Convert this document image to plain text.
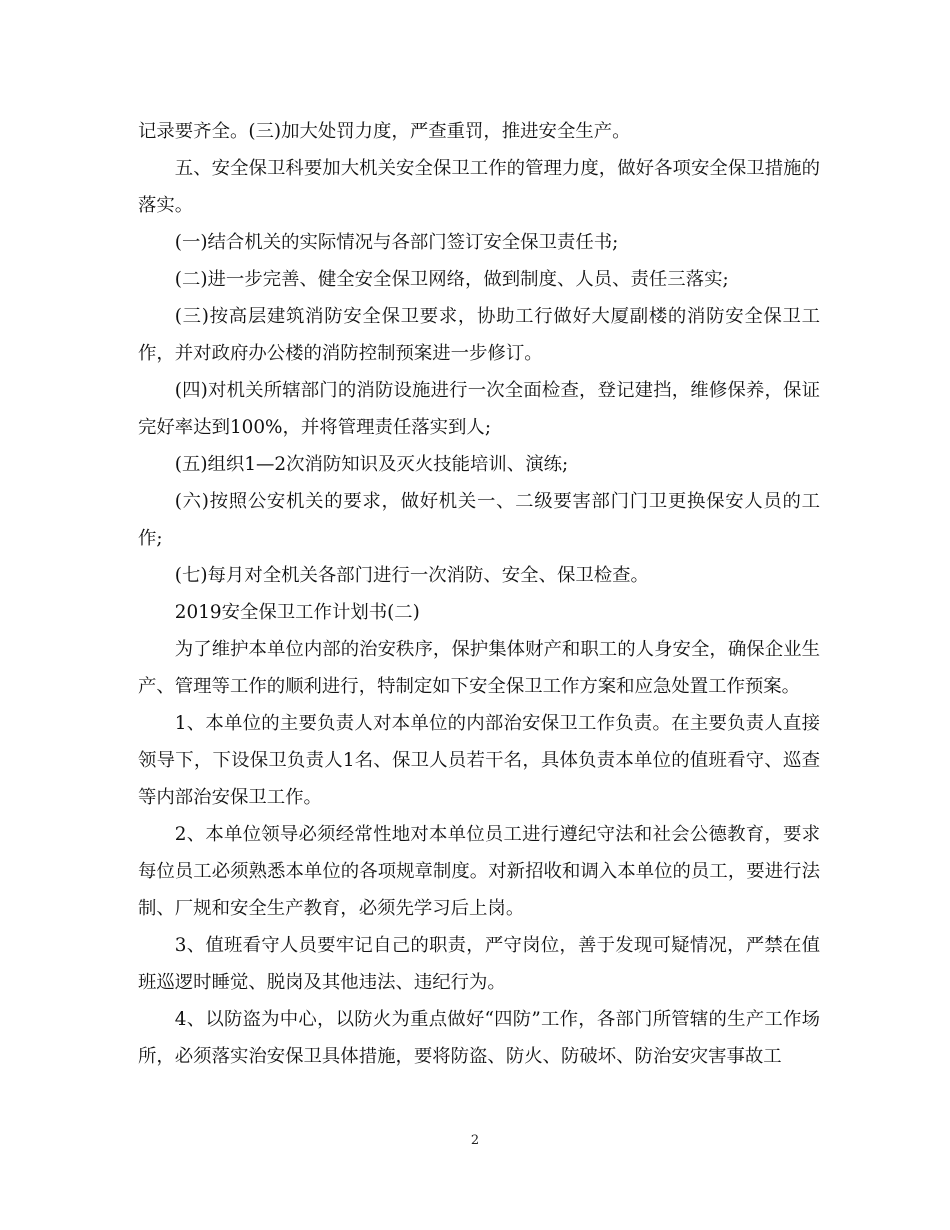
记录要齐全。(三)加大处罚力度，严查重罚，推进安全生产。

五、安全保卫科要加大机关安全保卫工作的管理力度，做好各项安全保卫措施的落实。

(一)结合机关的实际情况与各部门签订安全保卫责任书;

(二)进一步完善、健全安全保卫网络，做到制度、人员、责任三落实;

(三)按高层建筑消防安全保卫要求，协助工行做好大厦副楼的消防安全保卫工作，并对政府办公楼的消防控制预案进一步修订。

(四)对机关所辖部门的消防设施进行一次全面检查，登记建挡，维修保养，保证完好率达到100%，并将管理责任落实到人;

(五)组织1—2次消防知识及灭火技能培训、演练;

(六)按照公安机关的要求，做好机关一、二级要害部门门卫更换保安人员的工作;

(七)每月对全机关各部门进行一次消防、安全、保卫检查。

2019安全保卫工作计划书(二)

为了维护本单位内部的治安秩序，保护集体财产和职工的人身安全，确保企业生产、管理等工作的顺利进行，特制定如下安全保卫工作方案和应急处置工作预案。

1、本单位的主要负责人对本单位的内部治安保卫工作负责。在主要负责人直接领导下，下设保卫负责人1名、保卫人员若干名，具体负责本单位的值班看守、巡查等内部治安保卫工作。

2、本单位领导必须经常性地对本单位员工进行遵纪守法和社会公德教育，要求每位员工必须熟悉本单位的各项规章制度。对新招收和调入本单位的员工，要进行法制、厂规和安全生产教育，必须先学习后上岗。

3、值班看守人员要牢记自己的职责，严守岗位，善于发现可疑情况，严禁在值班巡逻时睡觉、脱岗及其他违法、违纪行为。

4、以防盗为中心，以防火为重点做好“四防”工作，各部门所管辖的生产工作场所，必须落实治安保卫具体措施，要将防盗、防火、防破坏、防治安灾害事故工

2
